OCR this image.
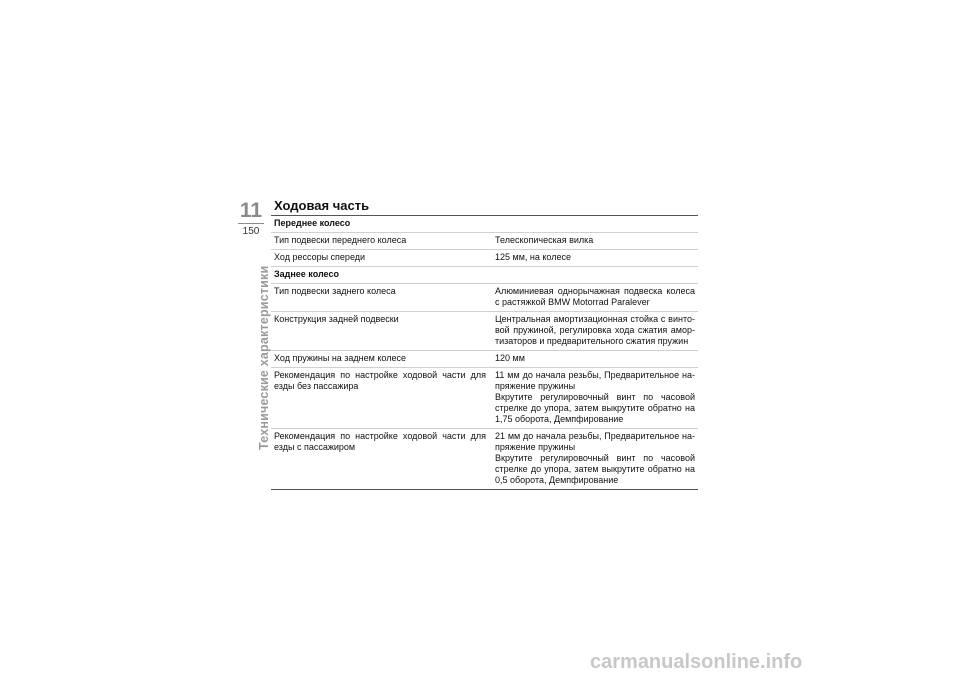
11
150
Технические характеристики
Ходовая часть
Переднее колесо	
Тип подвески переднего колеса	Телескопическая вилка

Ход рессоры спереди	125 мм, на колесе

Заднее колесо	
Тип подвески заднего колеса	Алюминиевая однорычажная подвеска колеса с растяжкой BMW Motorrad Paralever

Конструкция задней подвески	Центральная амортизационная стойка с винто-вой пружиной, регулировка хода сжатия амор-тизаторов и предварительного сжатия пружин

Ход пружины на заднем колесе	120 мм

Рекомендация по настройке ходовой части для езды без пассажира	11 мм до начала резьбы, Предварительное на-пряжение пружины
Вкрутите регулировочный винт по часовой стрелке до упора, затем выкрутите обратно на 1,75 оборота, Демпфирование

Рекомендация по настройке ходовой части для езды с пассажиром	21 мм до начала резьбы, Предварительное на-пряжение пружины
Вкрутите регулировочный винт по часовой стрелке до упора, затем выкрутите обратно на 0,5 оборота, Демпфирование
carmanualsonline.info
